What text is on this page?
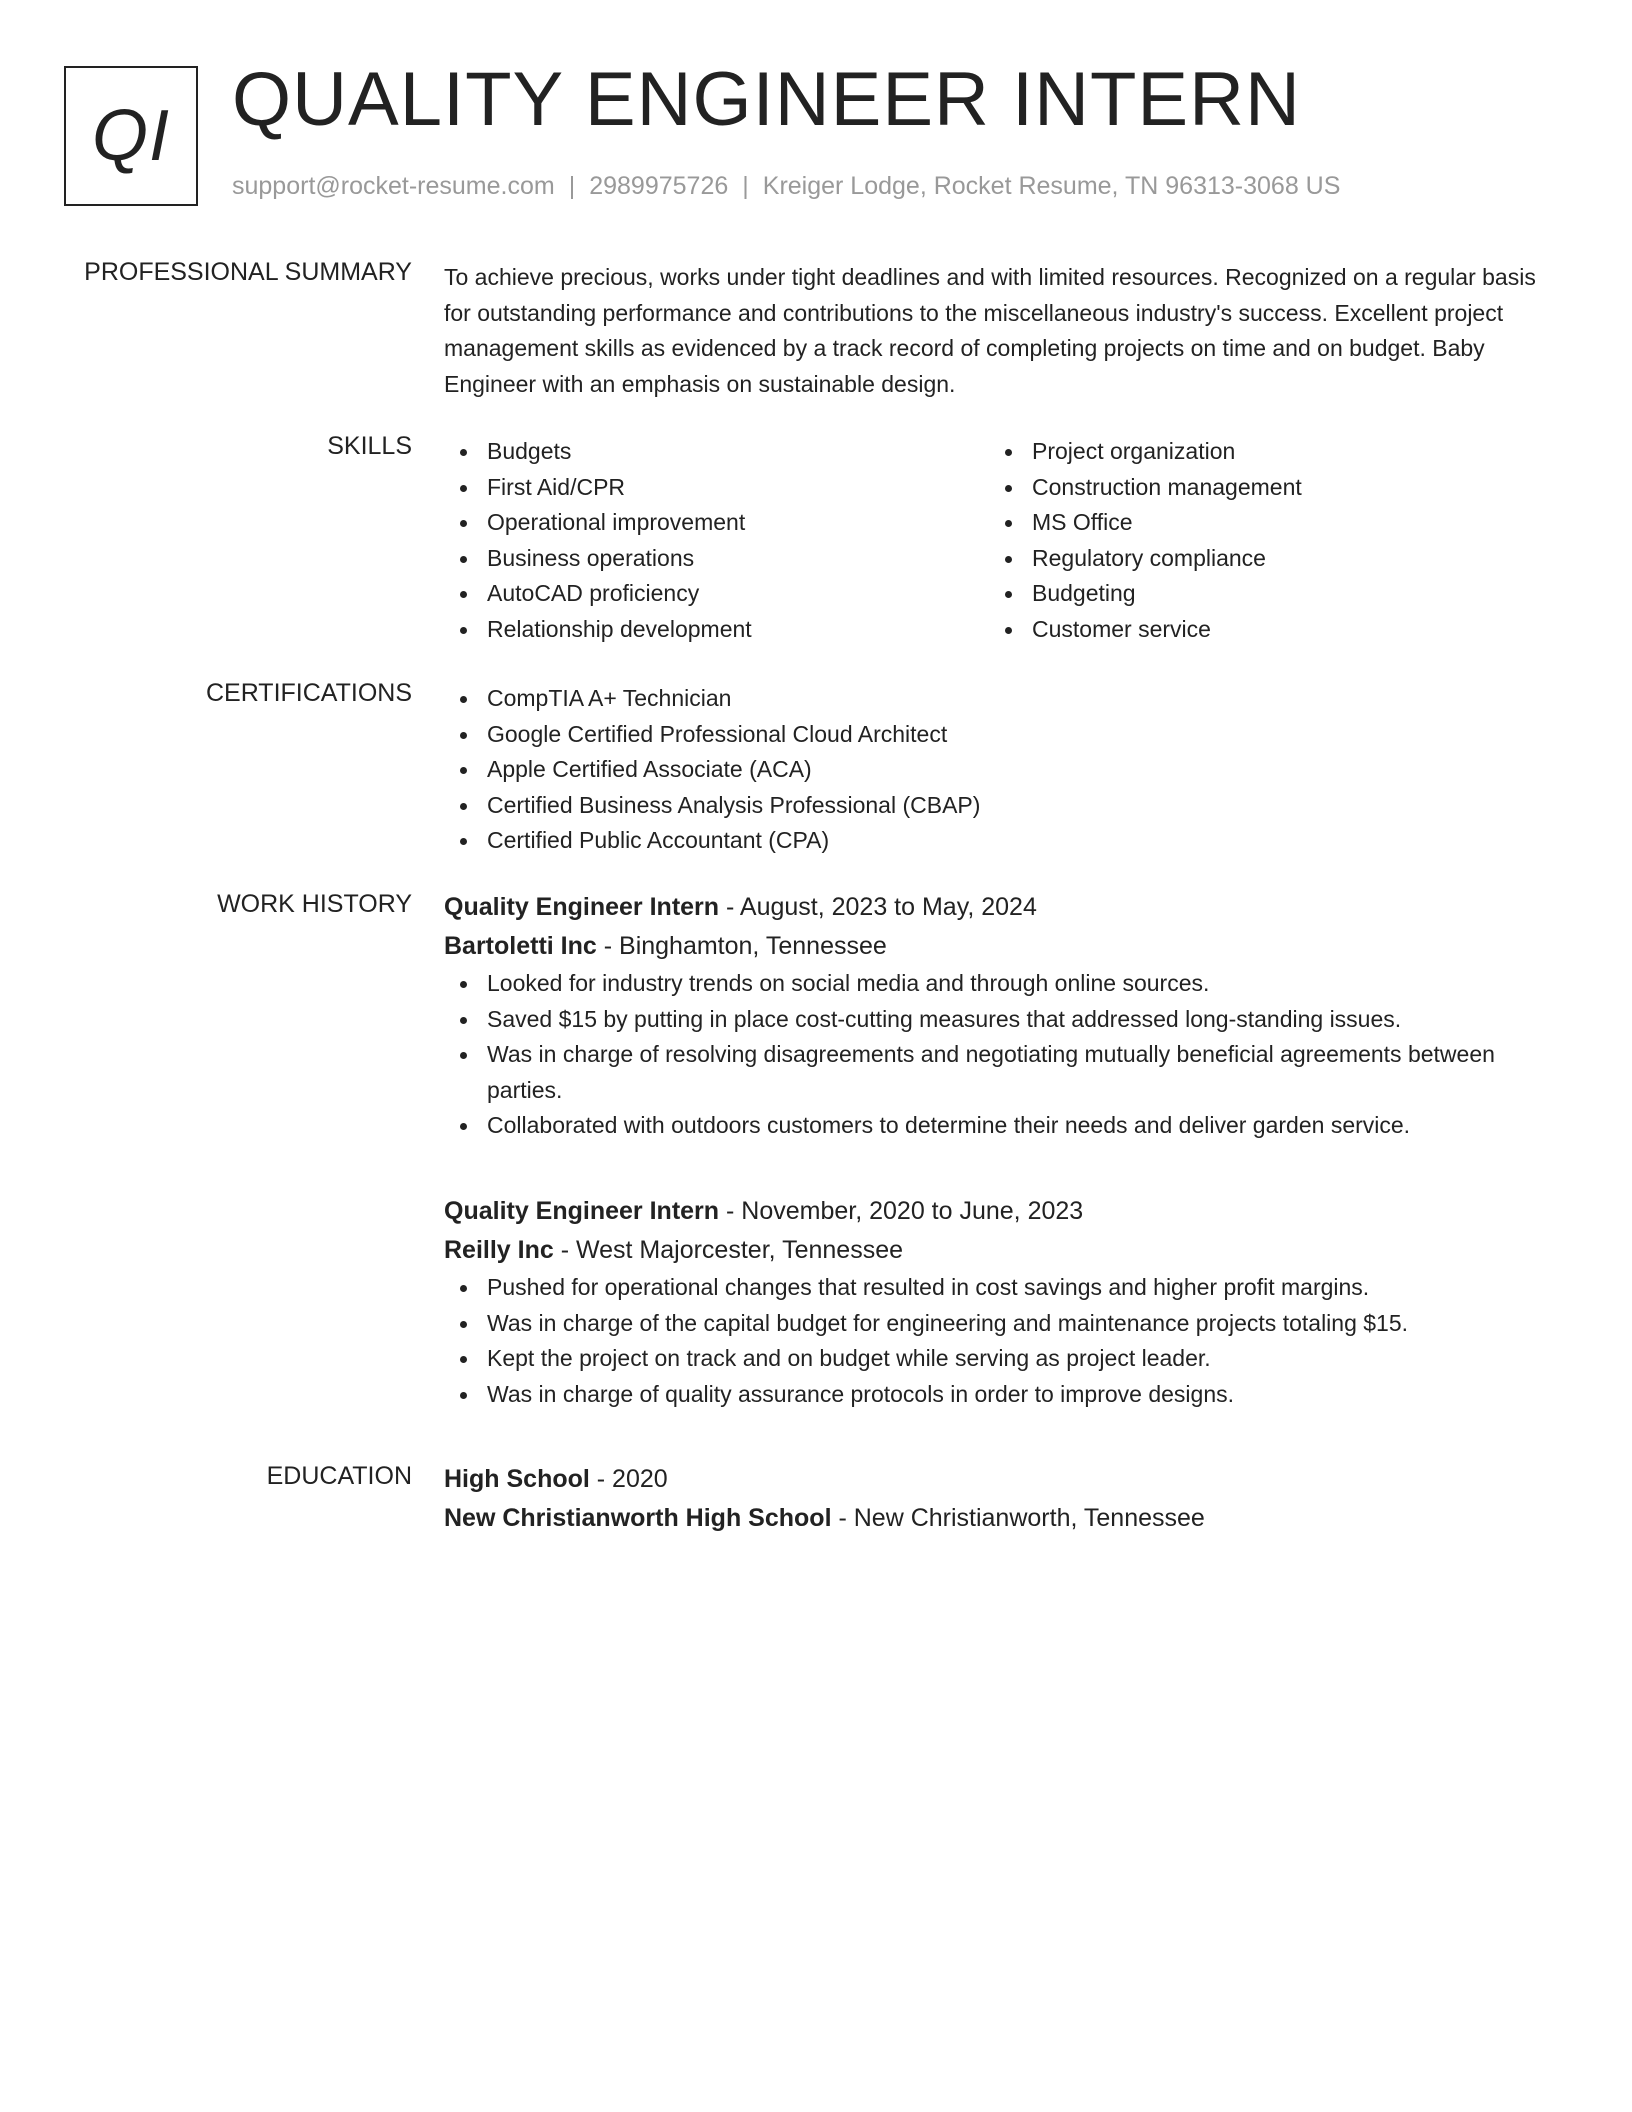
QI QUALITY ENGINEER INTERN
support@rocket-resume.com | 2989975726 | Kreiger Lodge, Rocket Resume, TN 96313-3068 US
PROFESSIONAL SUMMARY To achieve precious, works under tight deadlines and with limited resources. Recognized on a regular basis for outstanding performance and contributions to the miscellaneous industry's success. Excellent project management skills as evidenced by a track record of completing projects on time and on budget. Baby Engineer with an emphasis on sustainable design.

SKILLS	Budgets
First Aid/CPR
Operational improvement
Business operations
AutoCAD proficiency
Relationship development
Project organization
Construction management
MS Office
Regulatory compliance
Budgeting
Customer service
CERTIFICATIONS	CompTIA A+ Technician
Google Certified Professional Cloud Architect
Apple Certified Associate (ACA)
Certified Business Analysis Professional (CBAP)
Certified Public Accountant (CPA)
WORK HISTORY Quality Engineer Intern - August, 2023 to May, 2024
Bartoletti Inc - Binghamton, Tennessee
Looked for industry trends on social media and through online sources.
Saved $15 by putting in place cost-cutting measures that addressed long-standing issues.
Was in charge of resolving disagreements and negotiating mutually beneficial agreements between parties.
Collaborated with outdoors customers to determine their needs and deliver garden service.
Quality Engineer Intern - November, 2020 to June, 2023
Reilly Inc - West Majorcester, Tennessee
Pushed for operational changes that resulted in cost savings and higher profit margins.
Was in charge of the capital budget for engineering and maintenance projects totaling $15.
Kept the project on track and on budget while serving as project leader.
Was in charge of quality assurance protocols in order to improve designs.
EDUCATION High School - 2020
New Christianworth High School - New Christianworth, Tennessee
